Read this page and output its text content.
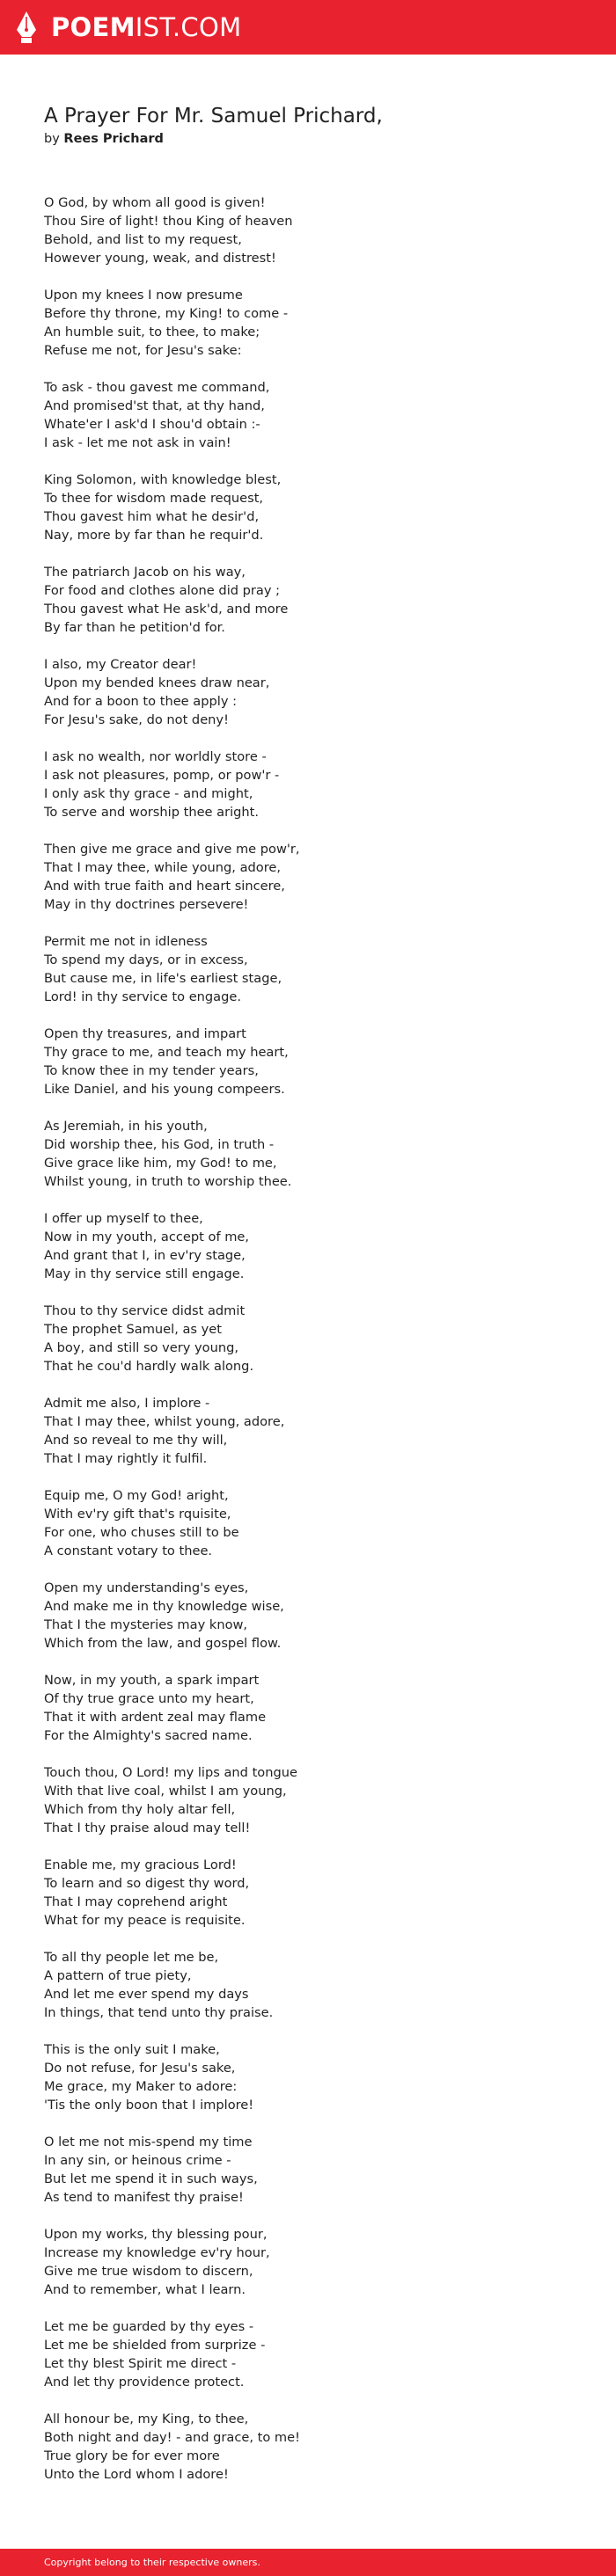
POEMIST.COM
A Prayer For Mr. Samuel Prichard,
by Rees Prichard
O God, by whom all good is given!
Thou Sire of light! thou King of heaven
Behold, and list to my request,
However young, weak, and distrest!
Upon my knees I now presume
Before thy throne, my King! to come -
An humble suit, to thee, to make;
Refuse me not, for Jesu's sake:
To ask - thou gavest me command,
And promised'st that, at thy hand,
Whate'er I ask'd I shou'd obtain :-
I ask - let me not ask in vain!
King Solomon, with knowledge blest,
To thee for wisdom made request,
Thou gavest him what he desir'd,
Nay, more by far than he requir'd.
The patriarch Jacob on his way,
For food and clothes alone did pray ;
Thou gavest what He ask'd, and more
By far than he petition'd for.
I also, my Creator dear!
Upon my bended knees draw near,
And for a boon to thee apply :
For Jesu's sake, do not deny!
I ask no wealth, nor worldly store -
I ask not pleasures, pomp, or pow'r -
I only ask thy grace - and might,
To serve and worship thee aright.
Then give me grace and give me pow'r,
That I may thee, while young, adore,
And with true faith and heart sincere,
May in thy doctrines persevere!
Permit me not in idleness
To spend my days, or in excess,
But cause me, in life's earliest stage,
Lord! in thy service to engage.
Open thy treasures, and impart
Thy grace to me, and teach my heart,
To know thee in my tender years,
Like Daniel, and his young compeers.
As Jeremiah, in his youth,
Did worship thee, his God, in truth -
Give grace like him, my God! to me,
Whilst young, in truth to worship thee.
I offer up myself to thee,
Now in my youth, accept of me,
And grant that I, in ev'ry stage,
May in thy service still engage.
Thou to thy service didst admit
The prophet Samuel, as yet
A boy, and still so very young,
That he cou'd hardly walk along.
Admit me also, I implore -
That I may thee, whilst young, adore,
And so reveal to me thy will,
That I may rightly it fulfil.
Equip me, O my God! aright,
With ev'ry gift that's rquisite,
For one, who chuses still to be
A constant votary to thee.
Open my understanding's eyes,
And make me in thy knowledge wise,
That I the mysteries may know,
Which from the law, and gospel flow.
Now, in my youth, a spark impart
Of thy true grace unto my heart,
That it with ardent zeal may flame
For the Almighty's sacred name.
Touch thou, O Lord! my lips and tongue
With that live coal, whilst I am young,
Which from thy holy altar fell,
That I thy praise aloud may tell!
Enable me, my gracious Lord!
To learn and so digest thy word,
That I may coprehend aright
What for my peace is requisite.
To all thy people let me be,
A pattern of true piety,
And let me ever spend my days
In things, that tend unto thy praise.
This is the only suit I make,
Do not refuse, for Jesu's sake,
Me grace, my Maker to adore:
'Tis the only boon that I implore!
O let me not mis-spend my time
In any sin, or heinous crime -
But let me spend it in such ways,
As tend to manifest thy praise!
Upon my works, thy blessing pour,
Increase my knowledge ev'ry hour,
Give me true wisdom to discern,
And to remember, what I learn.
Let me be guarded by thy eyes -
Let me be shielded from surprize -
Let thy blest Spirit me direct -
And let thy providence protect.
All honour be, my King, to thee,
Both night and day! - and grace, to me!
True glory be for ever more
Unto the Lord whom I adore!
Copyright belong to their respective owners.
